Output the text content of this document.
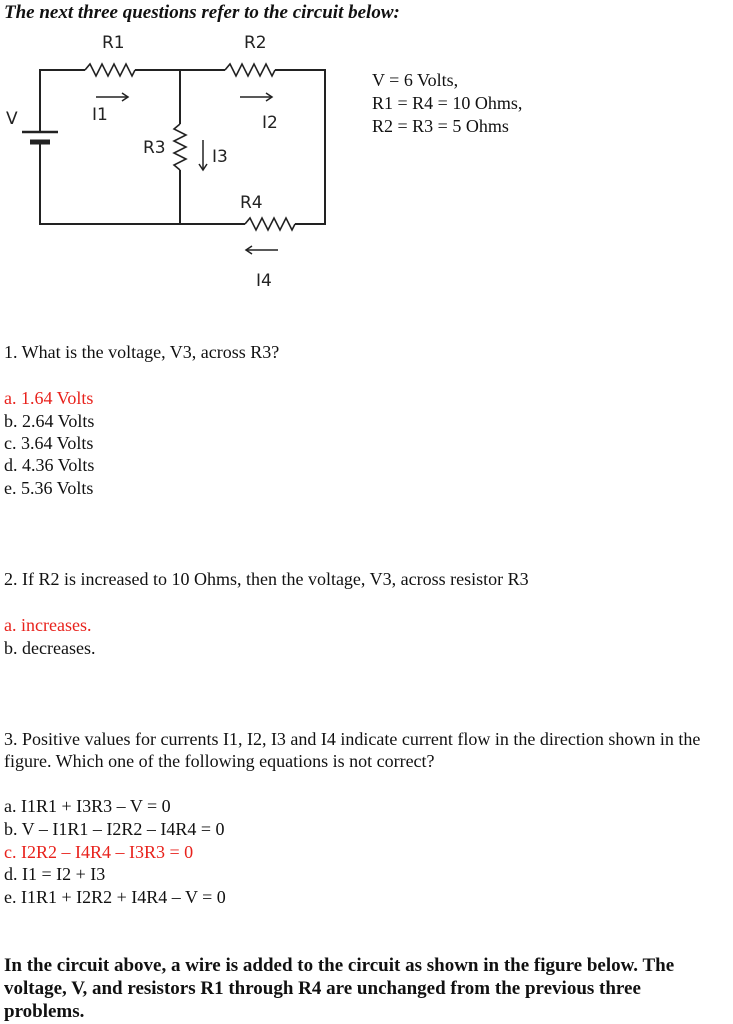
The next three questions refer to the circuit below:
R1	R2
R3
R4
V	I1	I2
I3
I4
V = 6 Volts,
R1 = R4 = 10 Ohms,
R2 = R3 = 5 Ohms
1. What is the voltage, V3, across R3?
a. 1.64 Volts
b. 2.64 Volts
c. 3.64 Volts
d. 4.36 Volts
e. 5.36 Volts
2. If R2 is increased to 10 Ohms, then the voltage, V3, across resistor R3
a. increases.
b. decreases.
3. Positive values for currents I1, I2, I3 and I4 indicate current flow in the direction shown in the figure. Which one of the following equations is not correct?
a. I1R1 + I3R3 – V = 0
b. V – I1R1 – I2R2 – I4R4 = 0
c. I2R2 – I4R4 – I3R3 = 0
d. I1 = I2 + I3
e. I1R1 + I2R2 + I4R4 – V = 0
In the circuit above, a wire is added to the circuit as shown in the figure below. The voltage, V, and resistors R1 through R4 are unchanged from the previous three problems.
